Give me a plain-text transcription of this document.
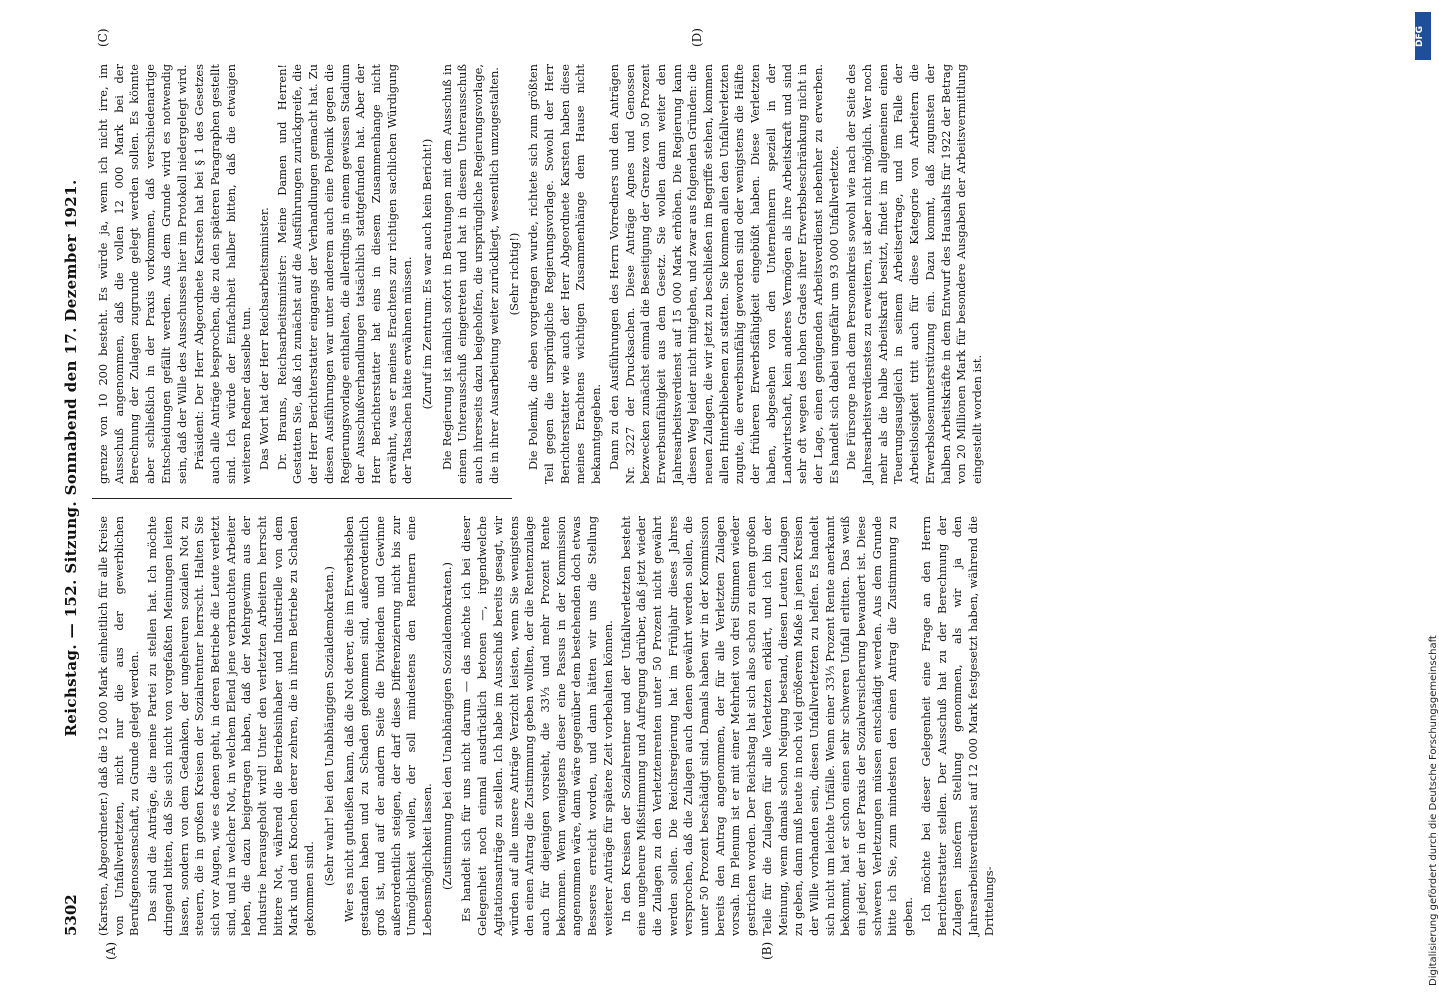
5302
Reichstag. — 152. Sitzung. Sonnabend den 17. Dezember 1921.
(A)	(B)
(C)	(D)

(Karsten, Abgeordneter.) daß die 12 000 Mark einheitlich für alle Kreise von Unfallverletzten, nicht nur die aus der gewerblichen Berufsgenossenschaft, zu Grunde gelegt werden. Das sind die Anträge, die meine Partei zu stellen hat. Ich möchte dringend bitten, daß Sie sich nicht von vorgefaßten Meinungen leiten lassen, sondern von dem Gedanken, der ungeheuren sozialen Not zu steuern, die in großen Kreisen der Sozialrentner herrscht. Halten Sie sich vor Augen, wie es denen geht, in deren Betriebe die Leute verletzt sind, und in welcher Not, in welchem Elend jene verbrauchten Arbeiter leben, die dazu beigetragen haben, daß der Mehrgewinn aus der Industrie herausgeholt wird! Unter den verletzten Arbeitern herrscht bittere Not, während die Betriebsinhaber und Industrielle von dem Mark und den Knochen derer zehren, die in ihrem Betriebe zu Schaden gekommen sind.

(Sehr wahr! bei den Unabhängigen Sozialdemokraten.) Wer es nicht gutheißen kann, daß die Not derer, die im Erwerbsleben gestanden haben und zu Schaden gekommen sind, außerordentlich groß ist, und auf der andern Seite die Dividenden und Gewinne außerordentlich steigen, der darf diese Differenzierung nicht bis zur Unmöglichkeit wollen, der soll mindestens den Rentnern eine Lebensmöglichkeit lassen. (Zustimmung bei den Unabhängigen Sozialdemokraten.) Es handelt sich für uns nicht darum — das möchte ich bei dieser Gelegenheit noch einmal ausdrücklich betonen —, irgendwelche Agitationsanträge zu stellen. Ich habe im Ausschuß bereits gesagt, wir würden auf alle unsere Anträge Verzicht leisten, wenn Sie wenigstens den einen Antrag die Zustimmung geben wollten, der die Rentenzulage auch für diejenigen vorsieht, die 33⅓ und mehr Prozent Rente bekommen. Wenn wenigstens dieser eine Passus in der Kommission angenommen wäre, dann wäre gegenüber dem bestehenden doch etwas Besseres erreicht worden, und dann hätten wir uns die Stellung weiterer Anträge für spätere Zeit vorbehalten können. In den Kreisen der Sozialrentner und der Unfallverletzten besteht eine ungeheure Mißstimmung und Aufregung darüber, daß jetzt wieder die Zulagen zu den Verletztenrenten unter 50 Prozent nicht gewährt werden sollen. Die Reichsregierung hat im Frühjahr dieses Jahres versprochen, daß die Zulagen auch denen gewährt werden sollen, die unter 50 Prozent beschädigt sind. Damals haben wir in der Kommission bereits den Antrag angenommen, der für alle Verletzten Zulagen vorsah. Im Plenum ist er mit einer Mehrheit von drei Stimmen wieder gestrichen worden. Der Reichstag hat sich also schon zu einem großen Teile für die Zulagen für alle Verletzten erklärt, und ich bin der Meinung, wenn damals schon Neigung bestand, diesen Leuten Zulagen zu geben, dann muß heute in noch viel größerem Maße in jenen Kreisen der Wille vorhanden sein, diesen Unfallverletzten zu helfen. Es handelt sich nicht um leichte Unfälle. Wenn einer 33⅓ Prozent Rente anerkannt bekommt, hat er schon einen sehr schweren Unfall erlitten. Das weiß ein jeder, der in der Praxis der Sozialversicherung bewandert ist. Diese schweren Verletzungen müssen entschädigt werden. Aus dem Grunde bitte ich Sie, zum mindesten den einen Antrag die Zustimmung zu geben. Ich möchte bei dieser Gelegenheit eine Frage an den Herrn Berichterstatter stellen. Der Ausschuß hat zu der Berechnung der Zulagen insofern Stellung genommen, als wir ja den Jahresarbeitsverdienst auf 12 000 Mark festgesetzt haben, während die Drittelungs-

grenze von 10 200 besteht. Es würde ja, wenn ich nicht irre, im Ausschuß angenommen, daß die vollen 12 000 Mark bei der Berechnung der Zulagen zugrunde gelegt werden sollen. Es könnte aber schließlich in der Praxis vorkommen, daß verschiedenartige Entscheidungen gefällt werden. Aus dem Grunde wird es notwendig sein, daß der Wille des Ausschusses hier im Protokoll niedergelegt wird. Präsident: Der Herr Abgeordnete Karsten hat bei § 1 des Gesetzes auch alle Anträge besprochen, die zu den späteren Paragraphen gestellt sind. Ich würde der Einfachheit halber bitten, daß die etwaigen weiteren Redner dasselbe tun. Das Wort hat der Herr Reichsarbeitsminister. Dr. Brauns, Reichsarbeitsminister: Meine Damen und Herren! Gestatten Sie, daß ich zunächst auf die Ausführungen zurückgreife, die der Herr Berichterstatter eingangs der Verhandlungen gemacht hat. Zu diesen Ausführungen war unter anderem auch eine Polemik gegen die Regierungsvorlage enthalten, die allerdings in einem gewissen Stadium der Ausschußverhandlungen tatsächlich stattgefunden hat. Aber der Herr Berichterstatter hat eins in diesem Zusammenhange nicht erwähnt, was er meines Erachtens zur richtigen sachlichen Würdigung der Tatsachen hätte erwähnen müssen. (Zuruf im Zentrum: Es war auch kein Bericht!) Die Regierung ist nämlich sofort in Beratungen mit dem Ausschuß in einem Unterausschuß eingetreten und hat in diesem Unterausschuß auch ihrerseits dazu beigeholfen, die ursprüngliche Regierungsvorlage, die in ihrer Ausarbeitung weiter zurückliegt, wesentlich umzugestalten. (Sehr richtig!) Die Polemik, die eben vorgetragen wurde, richtete sich zum größten Teil gegen die ursprüngliche Regierungsvorlage. Sowohl der Herr Berichterstatter wie auch der Herr Abgeordnete Karsten haben diese meines Erachtens wichtigen Zusammenhänge dem Hause nicht bekanntgegeben. Dann zu den Ausführungen des Herrn Vorredners und den Anträgen Nr. 3227 der Drucksachen. Diese Anträge Agnes und Genossen bezwecken zunächst einmal die Beseitigung der Grenze von 50 Prozent Erwerbsunfähigkeit aus dem Gesetz. Sie wollen dann weiter den Jahresarbeitsverdienst auf 15 000 Mark erhöhen. Die Regierung kann diesen Weg leider nicht mitgehen, und zwar aus folgenden Gründen: die neuen Zulagen, die wir jetzt zu beschließen im Begriffe stehen, kommen allen Hinterbliebenen zu statten. Sie kommen allen den Unfallverletzten zugute, die erwerbsunfähig geworden sind oder wenigstens die Hälfte der früheren Erwerbsfähigkeit eingebüßt haben. Diese Verletzten haben, abgesehen von den Unternehmern speziell in der Landwirtschaft, kein anderes Vermögen als ihre Arbeitskraft und sind sehr oft wegen des hohen Grades ihrer Erwerbsbeschränkung nicht in der Lage, einen genügenden Arbeitsverdienst nebenher zu erwerben. Es handelt sich dabei ungefähr um 93 000 Unfallverletzte. Die Fürsorge nach dem Personenkreis sowohl wie nach der Seite des Jahresarbeitsverdienstes zu erweitern, ist aber nicht möglich. Wer noch mehr als die halbe Arbeitskraft besitzt, findet im allgemeinen einen Teuerungsausgleich in seinem Arbeitsertrage, und im Falle der Arbeitslosigkeit tritt auch für diese Kategorie von Arbeitern die Erwerbslosenunterstützung ein. Dazu kommt, daß zugunsten der halben Arbeitskräfte in dem Entwurf des Haushalts für 1922 der Betrag von 20 Millionen Mark für besondere Ausgaben der Arbeitsvermittlung eingestellt worden ist.

Digitalisierung gefördert durch die Deutsche Forschungsgemeinschaft
DFG
